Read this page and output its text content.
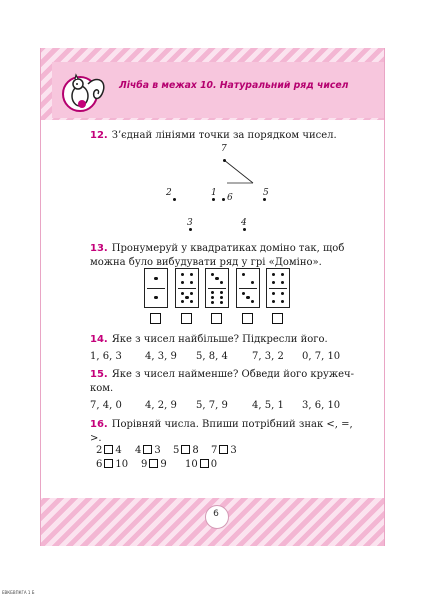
Лічба в межах 10. Натуральний ряд чисел
12. З’єднай лініями точки за порядком чисел.
7
2	1 6	5
3	4
13. Пронумеруй у квадратиках доміно так, щоб
можна було вибудувати ряд у грі «Доміно».
14. Яке з чисел найбільше? Підкресли його.
1, 6, 3 4, 3, 9 5, 8, 4 7, 3, 2 0, 7, 10
15. Яке з чисел найменше? Обведи його кружеч-
ком.
7, 4, 0 4, 2, 9 5, 7, 9 4, 5, 1 3, 6, 10
16. Порівняй числа. Впиши потрібний знак <, =,
>.
2 4 4 3 5 8 7 3
6 10 9 9 10 0
6
ЕВКБВПКГА 1 Б
